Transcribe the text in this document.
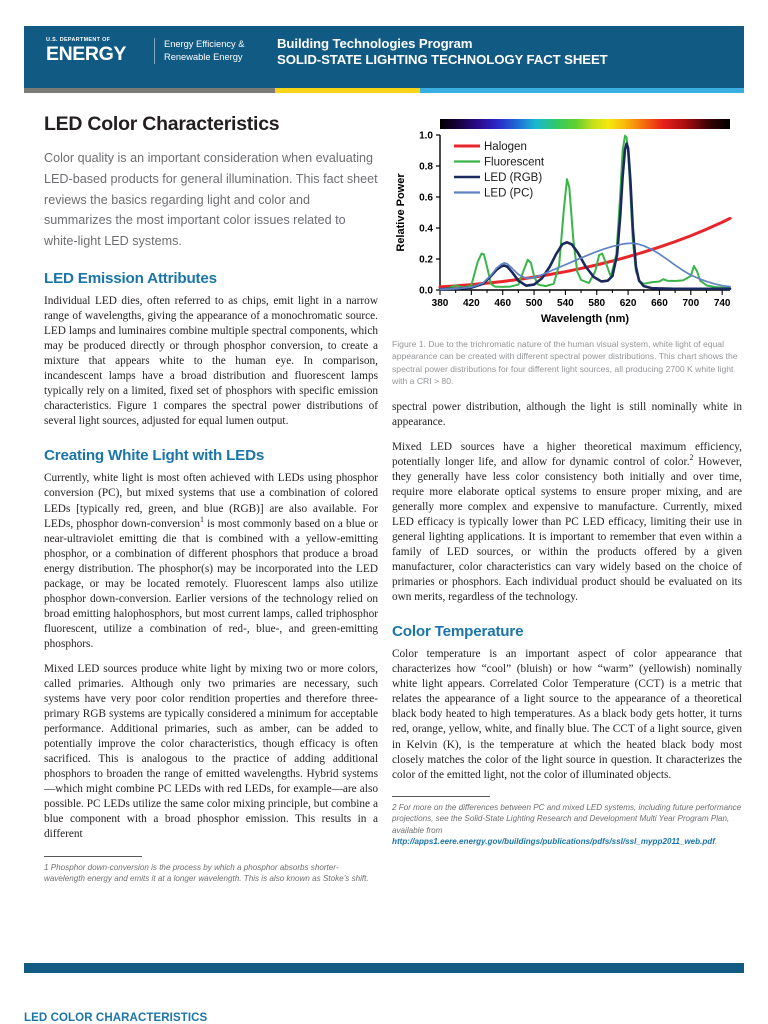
U.S. DEPARTMENT OF
ENERGY	Energy Efficiency &
Renewable Energy
Building Technologies Program
SOLID-STATE LIGHTING TECHNOLOGY FACT SHEET
LED Color Characteristics

Color quality is an important consideration when evaluating LED-based products for general illumination. This fact sheet reviews the basics regarding light and color and summarizes the most important color issues related to white-light LED systems.

LED Emission Attributes

Individual LED dies, often referred to as chips, emit light in a narrow range of wavelengths, giving the appearance of a monochromatic source. LED lamps and luminaires combine multiple spectral components, which may be produced directly or through phosphor conversion, to create a mixture that appears white to the human eye. In comparison, incandescent lamps have a broad distribution and fluorescent lamps typically rely on a limited, fixed set of phosphors with specific emission characteristics. Figure 1 compares the spectral power distributions of several light sources, adjusted for equal lumen output.

Creating White Light with LEDs

Currently, white light is most often achieved with LEDs using phosphor conversion (PC), but mixed systems that use a combination of colored LEDs [typically red, green, and blue (RGB)] are also available. For LEDs, phosphor down-conversion$^1$ is most commonly based on a blue or near-ultraviolet emitting die that is combined with a yellow-emitting phosphor, or a combination of different phosphors that produce a broad energy distribution. The phosphor(s) may be incorporated into the LED package, or may be located remotely. Fluorescent lamps also utilize phosphor down-conversion. Earlier versions of the technology relied on broad emitting halophosphors, but most current lamps, called triphosphor fluorescent, utilize a combination of red-, blue-, and green-emitting phosphors.

Mixed LED sources produce white light by mixing two or more colors, called primaries. Although only two primaries are necessary, such systems have very poor color rendition properties and therefore three-primary RGB systems are typically considered a minimum for acceptable performance. Additional primaries, such as amber, can be added to potentially improve the color characteristics, though efficacy is often sacrificed. This is analogous to the practice of adding additional phosphors to broaden the range of emitted wavelengths. Hybrid systems—which might combine PC LEDs with red LEDs, for example—are also possible. PC LEDs utilize the same color mixing principle, but combine a blue component with a broad phosphor emission. This results in a different

1 Phosphor down-conversion is the process by which a phosphor absorbs shorter-wavelength energy and emits it at a longer wavelength. This is also known as Stoke’s shift.

0.0
0.2
0.4
0.6
0.8
1.0
380 420 460 500 540 580 620 660 700 740
Wavelength (nm)
Relative Power
Halogen
Fluorescent
LED (RGB)
LED (PC)

Figure 1. Due to the trichromatic nature of the human visual system, white light of equal appearance can be created with different spectral power distributions. This chart shows the spectral power distributions for four different light sources, all producing 2700 K white light with a CRI > 80.

spectral power distribution, although the light is still nominally white in appearance.

Mixed LED sources have a higher theoretical maximum efficiency, potentially longer life, and allow for dynamic control of color.$^2$ However, they generally have less color consistency both initially and over time, require more elaborate optical systems to ensure proper mixing, and are generally more complex and expensive to manufacture. Currently, mixed LED efficacy is typically lower than PC LED efficacy, limiting their use in general lighting applications. It is important to remember that even within a family of LED sources, or within the products offered by a given manufacturer, color characteristics can vary widely based on the choice of primaries or phosphors. Each individual product should be evaluated on its own merits, regardless of the technology.

Color Temperature

Color temperature is an important aspect of color appearance that characterizes how “cool” (bluish) or how “warm” (yellowish) nominally white light appears. Correlated Color Temperature (CCT) is a metric that relates the appearance of a light source to the appearance of a theoretical black body heated to high temperatures. As a black body gets hotter, it turns red, orange, yellow, white, and finally blue. The CCT of a light source, given in Kelvin (K), is the temperature at which the heated black body most closely matches the color of the light source in question. It characterizes the color of the emitted light, not the color of illuminated objects.

2 For more on the differences between PC and mixed LED systems, including future performance projections, see the Solid-State Lighting Research and Development Multi Year Program Plan, available from http://apps1.eere.energy.gov/buildings/publications/pdfs/ssl/ssl_mypp2011_web.pdf.

LED COLOR CHARACTERISTICS
